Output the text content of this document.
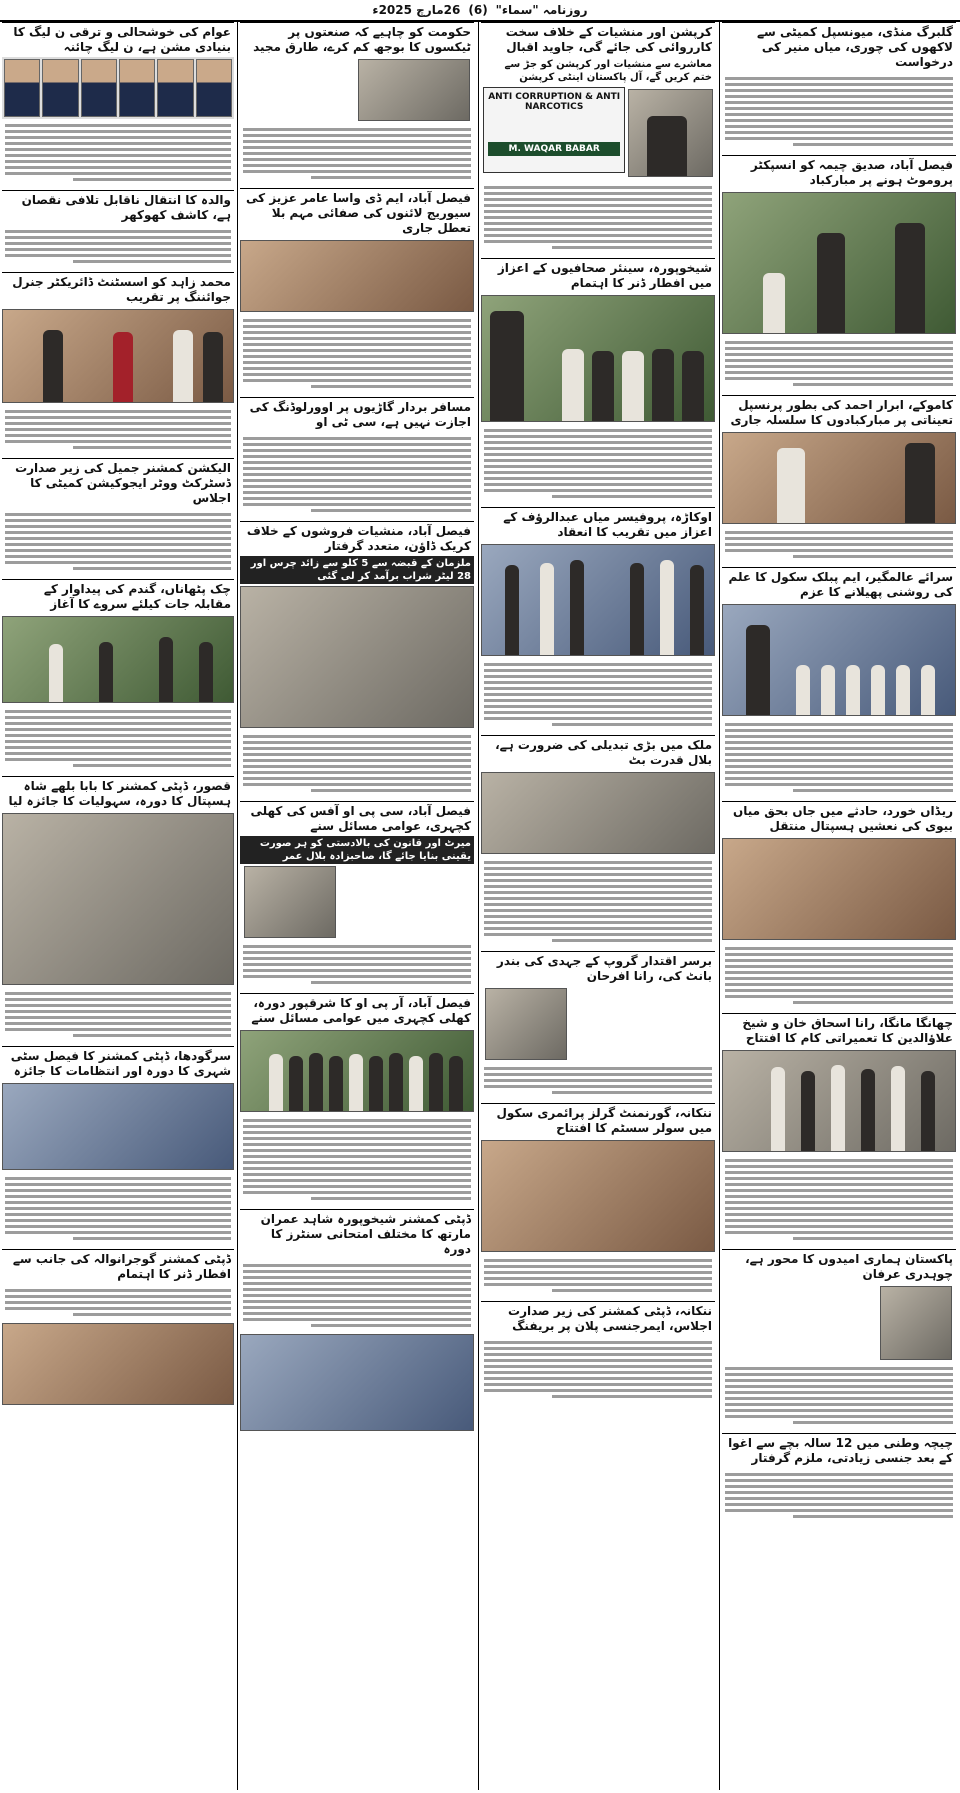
روزنامہ "سماء"
(6)
26مارچ 2025ء
گلبرگ منڈی، میونسپل کمیٹی سے لاکھوں کی چوری، میاں منیر کی درخواست
فیصل آباد، صدیق چیمہ کو انسپکٹر پروموٹ ہونے پر مبارکباد
کاموکے، ابرار احمد کی بطور پرنسپل تعیناتی پر مبارکبادوں کا سلسلہ جاری
سرائے عالمگیر، ایم پبلک سکول کا علم کی روشنی پھیلانے کا عزم
ریڈاں خورد، حادثے میں جاں بحق میاں بیوی کی نعشیں ہسپتال منتقل
چھانگا مانگا، رانا اسحاق خان و شیخ علاؤالدین کا تعمیراتی کام کا افتتاح
پاکستان ہماری امیدوں کا محور ہے، چوہدری عرفان
چیچہ وطنی میں 12 سالہ بچے سے اغوا کے بعد جنسی زیادتی، ملزم گرفتار
کرپشن اور منشیات کے خلاف سخت کارروائی کی جائے گی، جاوید اقبال
معاشرے سے منشیات اور کرپشن کو جڑ سے ختم کریں گے، آل پاکستان اینٹی کرپشن
ANTI CORRUPTION & ANTI NARCOTICS
M. WAQAR BABAR
شیخوپورہ، سینئر صحافیوں کے اعزاز میں افطار ڈنر کا اہتمام
اوکاڑہ، پروفیسر میاں عبدالرؤف کے اعزاز میں تقریب کا انعقاد
ملک میں بڑی تبدیلی کی ضرورت ہے، بلال قدرت بٹ
برسر اقتدار گروپ کے جہدی کی بندر بانٹ کی، رانا افرحان
ننکانہ، گورنمنٹ گرلز پرائمری سکول میں سولر سسٹم کا افتتاح
ننکانہ، ڈپٹی کمشنر کی زیر صدارت اجلاس، ایمرجنسی پلان پر بریفنگ
حکومت کو چاہیے کہ صنعتوں پر ٹیکسوں کا بوجھ کم کرے، طارق مجید
فیصل آباد، ایم ڈی واسا عامر عزیز کی سیوریج لائنوں کی صفائی مہم بلا تعطل جاری
مسافر بردار گاڑیوں پر اوورلوڈنگ کی اجازت نہیں ہے، سی ٹی او
فیصل آباد، منشیات فروشوں کے خلاف کریک ڈاؤن، متعدد گرفتار
ملزمان کے قبضہ سے 5 کلو سے زائد چرس اور 28 لیٹر شراب برآمد کر لی گئی
فیصل آباد، سی پی او آفس کی کھلی کچہری، عوامی مسائل سنے
میرٹ اور قانون کی بالادستی کو ہر صورت یقینی بنایا جائے گا، صاحبزادہ بلال عمر
فیصل آباد، آر پی او کا شرقپور دورہ، کھلی کچہری میں عوامی مسائل سنے
ڈپٹی کمشنر شیخوپورہ شاہد عمران مارتھ کا مختلف امتحانی سنٹرز کا دورہ
عوام کی خوشحالی و ترقی ن لیگ کا بنیادی مشن ہے، ن لیگ چائنہ
والدہ کا انتقال ناقابل تلافی نقصان ہے، کاشف کھوکھر
محمد زاہد کو اسسٹنٹ ڈائریکٹر جنرل جوائننگ پر تقریب
الیکشن کمشنر جمیل کی زیر صدارت ڈسٹرکٹ ووٹر ایجوکیشن کمیٹی کا اجلاس
چک پٹھاناں، گندم کی پیداوار کے مقابلہ جات کیلئے سروے کا آغاز
قصور، ڈپٹی کمشنر کا بابا بلھے شاہ ہسپتال کا دورہ، سہولیات کا جائزہ لیا
سرگودھا، ڈپٹی کمشنر کا فیصل سٹی شہری کا دورہ اور انتظامات کا جائزہ
ڈپٹی کمشنر گوجرانوالہ کی جانب سے افطار ڈنر کا اہتمام
